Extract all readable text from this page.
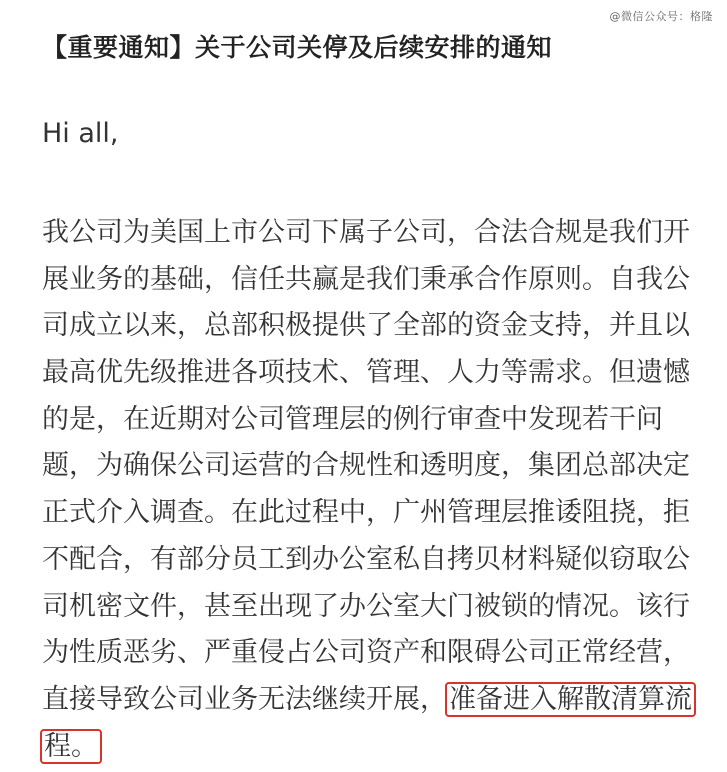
@微信公众号：格隆
【重要通知】关于公司关停及后续安排的通知
Hi all,
我公司为美国上市公司下属子公司，合法合规是我们开
展业务的基础，信任共赢是我们秉承合作原则。自我公
司成立以来，总部积极提供了全部的资金支持，并且以
最高优先级推进各项技术、管理、人力等需求。但遗憾
的是，在近期对公司管理层的例行审查中发现若干问
题，为确保公司运营的合规性和透明度，集团总部决定
正式介入调查。在此过程中，广州管理层推诿阻挠，拒
不配合，有部分员工到办公室私自拷贝材料疑似窃取公
司机密文件，甚至出现了办公室大门被锁的情况。该行
为性质恶劣、严重侵占公司资产和限碍公司正常经营，
直接导致公司业务无法继续开展，准备进入解散清算流
程。
